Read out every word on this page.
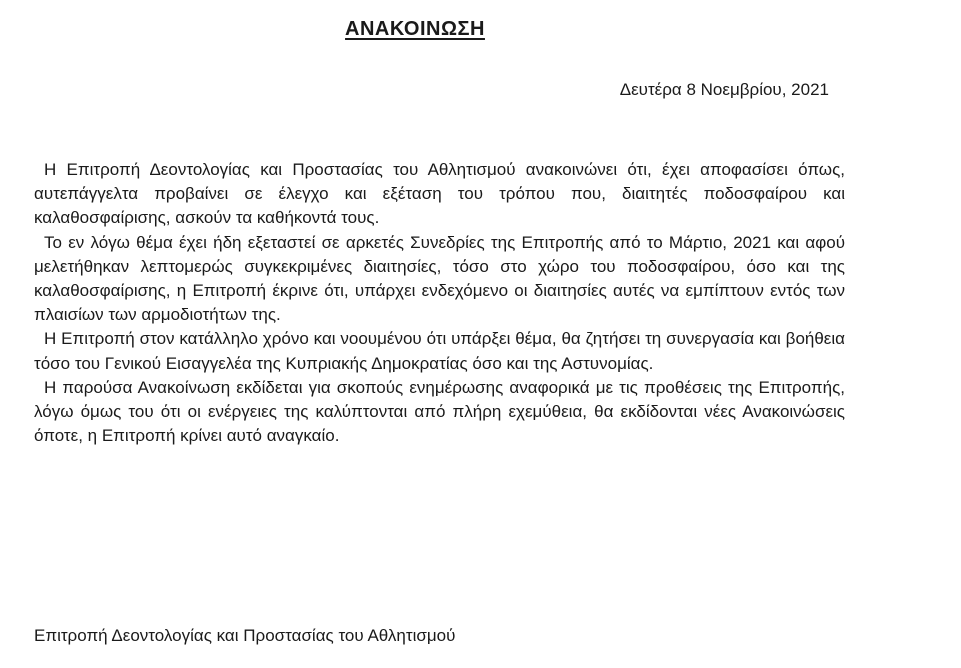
ΑΝΑΚΟΙΝΩΣΗ
Δευτέρα 8 Νοεμβρίου, 2021

Η Επιτροπή Δεοντολογίας και Προστασίας του Αθλητισμού ανακοινώνει ότι, έχει αποφασίσει όπως, αυτεπάγγελτα προβαίνει σε έλεγχο και εξέταση του τρόπου που, διαιτητές ποδοσφαίρου και καλαθοσφαίρισης, ασκούν τα καθήκοντά τους.

Το εν λόγω θέμα έχει ήδη εξεταστεί σε αρκετές Συνεδρίες της Επιτροπής από το Μάρτιο, 2021 και αφού μελετήθηκαν λεπτομερώς συγκεκριμένες διαιτησίες, τόσο στο χώρο του ποδοσφαίρου, όσο και της καλαθοσφαίρισης, η Επιτροπή έκρινε ότι, υπάρχει ενδεχόμενο οι διαιτησίες αυτές να εμπίπτουν εντός των πλαισίων των αρμοδιοτήτων της.

Η Επιτροπή στον κατάλληλο χρόνο και νοουμένου ότι υπάρξει θέμα, θα ζητήσει τη συνεργασία και βοήθεια τόσο του Γενικού Εισαγγελέα της Κυπριακής Δημοκρατίας όσο και της Αστυνομίας.

Η παρούσα Ανακοίνωση εκδίδεται για σκοπούς ενημέρωσης αναφορικά με τις προθέσεις της Επιτροπής, λόγω όμως του ότι οι ενέργειες της καλύπτονται από πλήρη εχεμύθεια, θα εκδίδονται νέες Ανακοινώσεις όποτε, η Επιτροπή κρίνει αυτό αναγκαίο.

Επιτροπή Δεοντολογίας και Προστασίας του Αθλητισμού
